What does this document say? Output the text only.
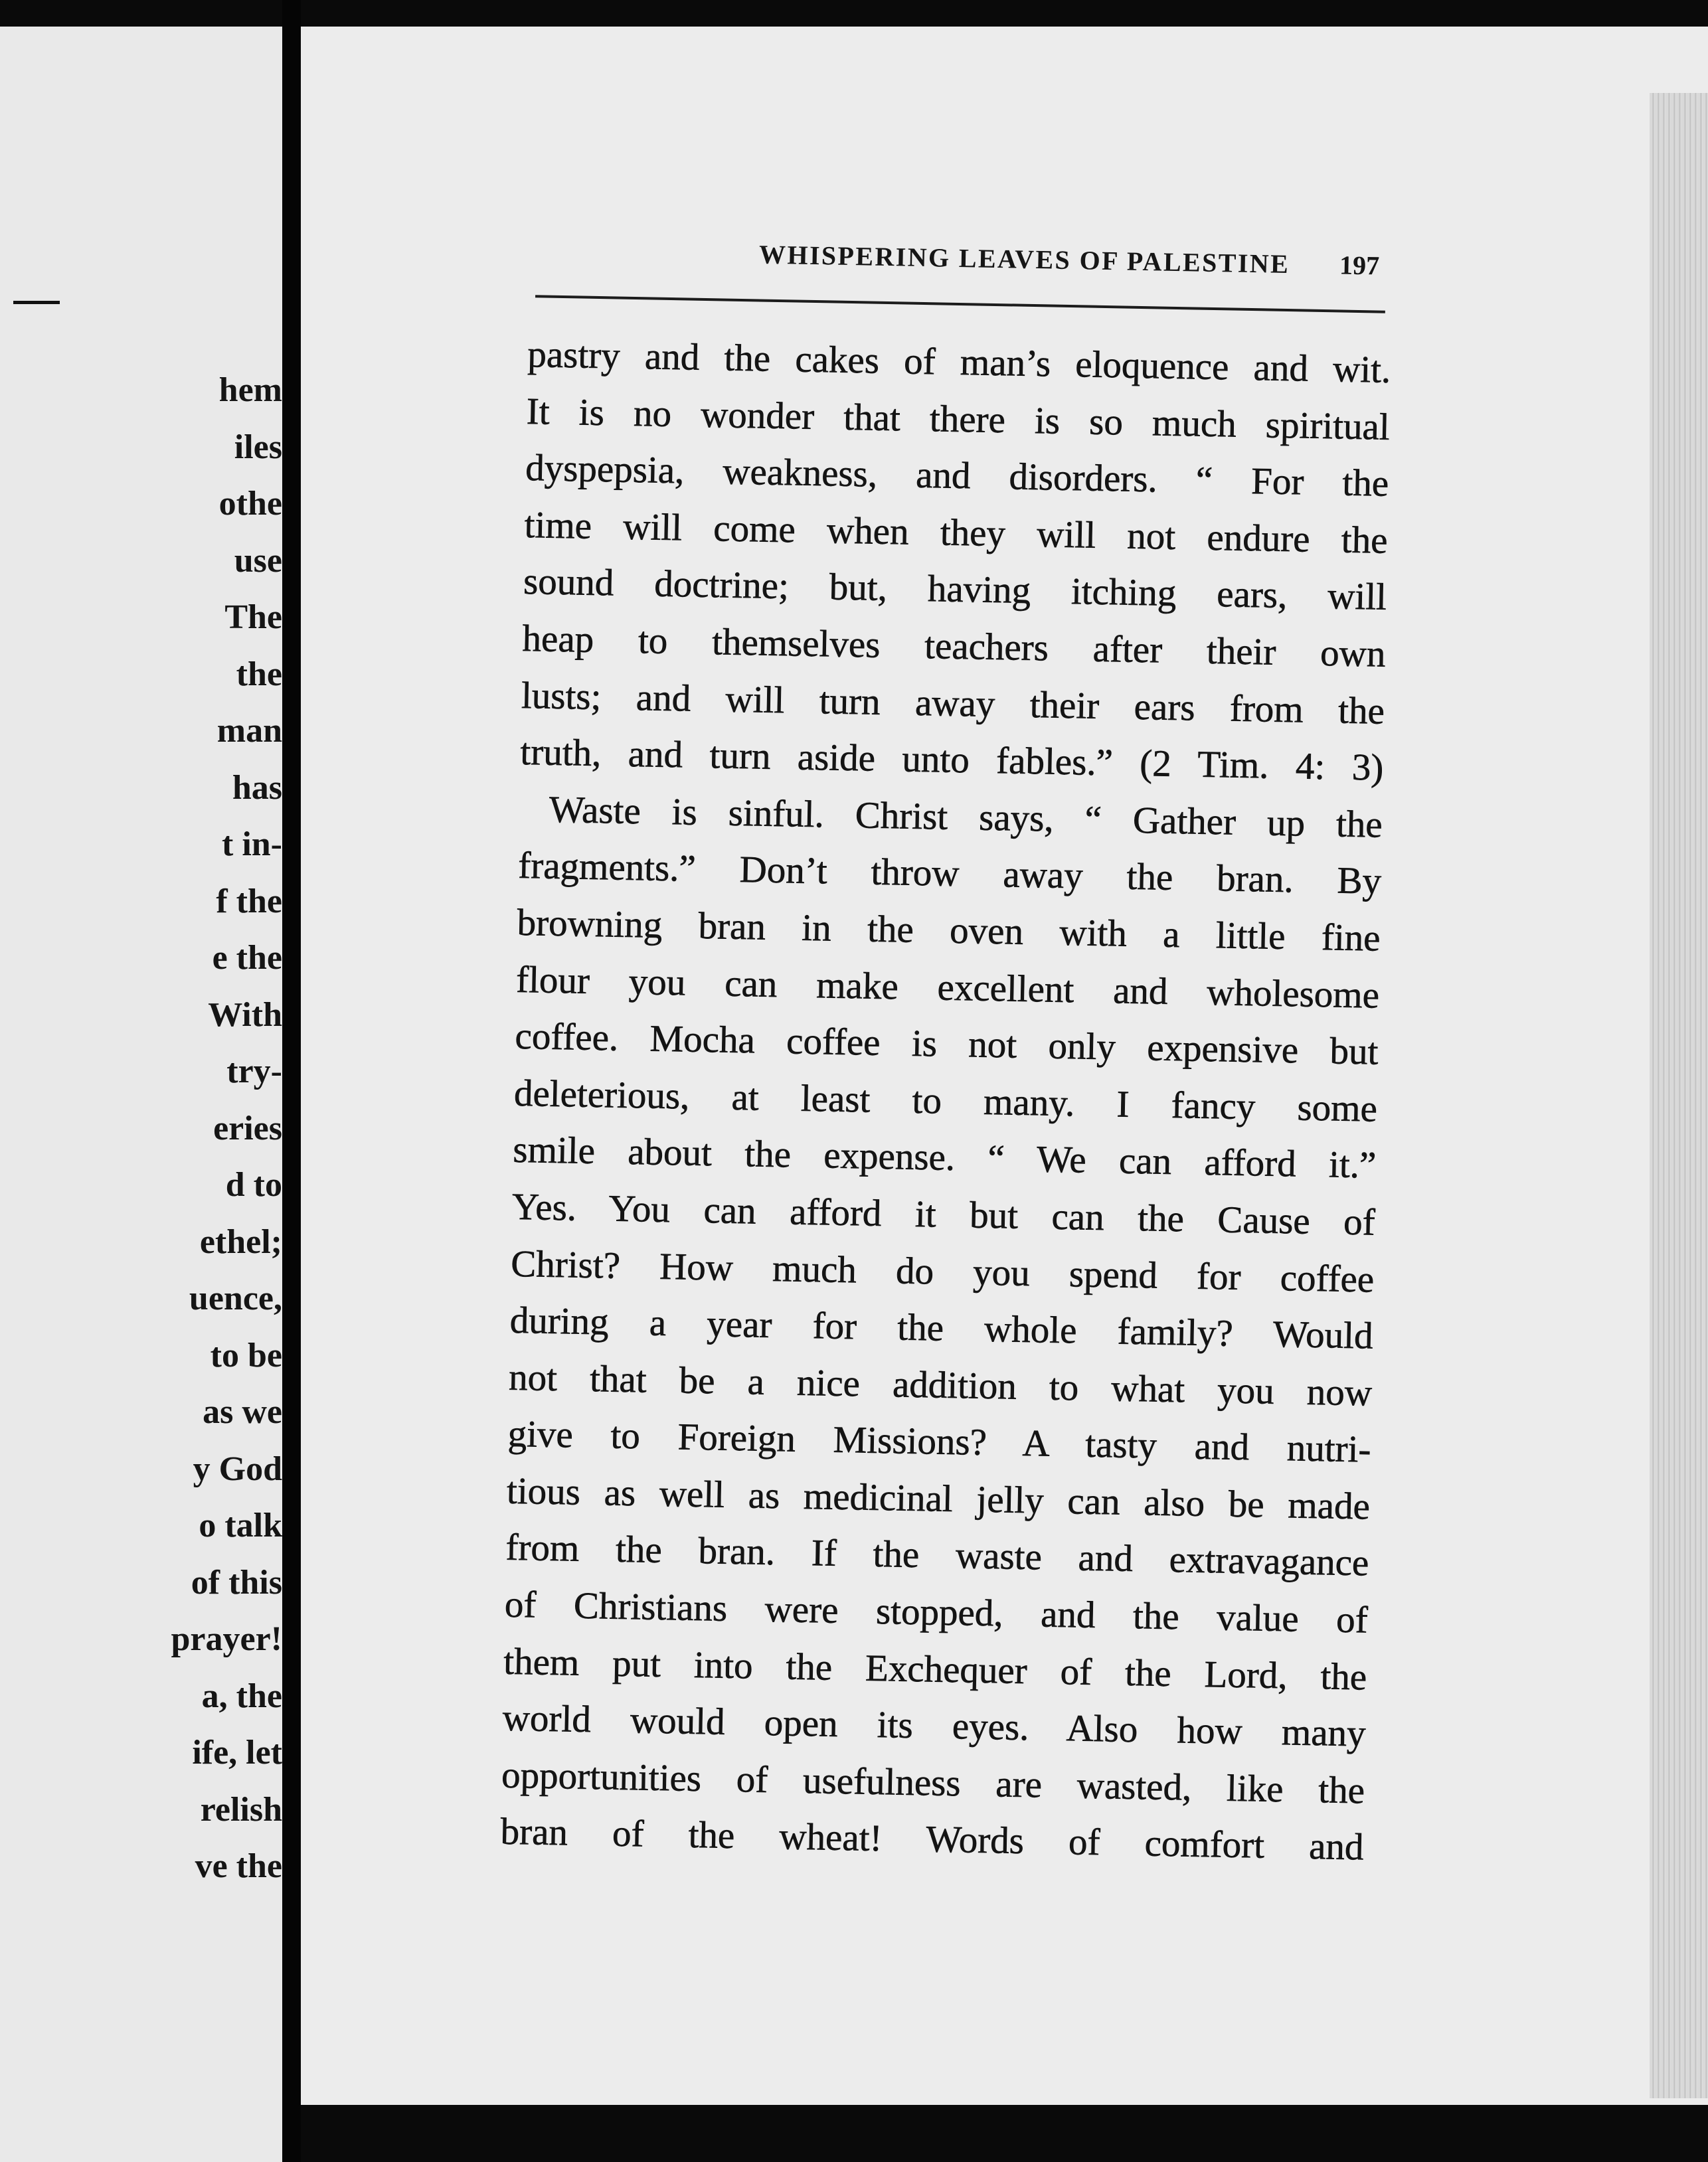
hem
iles
othe
use
The
the
man
has
t in-
f the
e the
With
try-
eries
d to
ethel;
uence,
to be
as we
y God
o talk
of this
prayer!
a, the
ife, let
relish
ve the
WHISPERING LEAVES OF PALESTINE 197
pastry and the cakes of man’s eloquence and wit.
It is no wonder that there is so much spiritual
dyspepsia, weakness, and disorders. “ For the
time will come when they will not endure the
sound doctrine; but, having itching ears, will
heap to themselves teachers after their own
lusts; and will turn away their ears from the
truth, and turn aside unto fables.” (2 Tim. 4: 3)
Waste is sinful. Christ says, “ Gather up the
fragments.” Don’t throw away the bran. By
browning bran in the oven with a little fine
flour you can make excellent and wholesome
coffee. Mocha coffee is not only expensive but
deleterious, at least to many. I fancy some
smile about the expense. “ We can afford it.”
Yes. You can afford it but can the Cause of
Christ? How much do you spend for coffee
during a year for the whole family? Would
not that be a nice addition to what you now
give to Foreign Missions? A tasty and nutri-
tious as well as medicinal jelly can also be made
from the bran. If the waste and extravagance
of Christians were stopped, and the value of
them put into the Exchequer of the Lord, the
world would open its eyes. Also how many
opportunities of usefulness are wasted, like the
bran of the wheat! Words of comfort and
